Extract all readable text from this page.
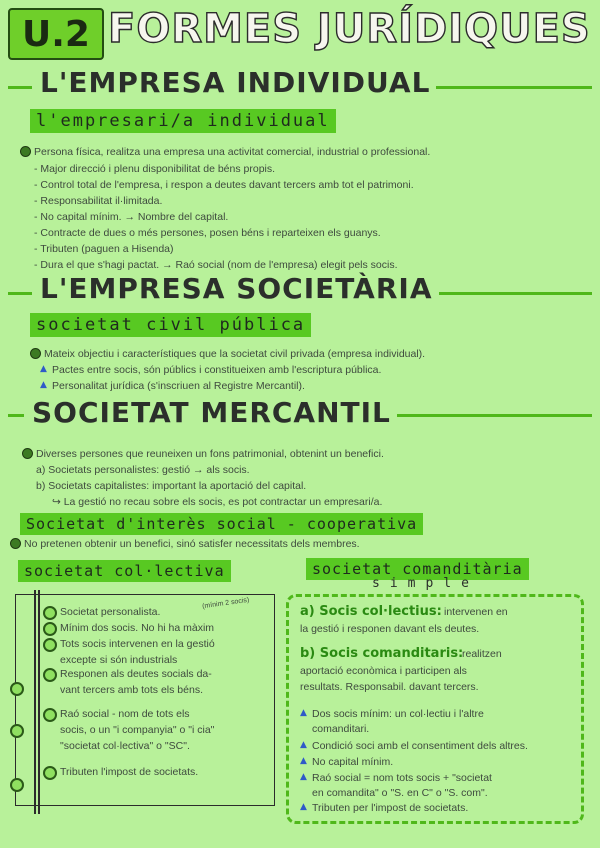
U.2 FORMES JURÍDIQUES
L'EMPRESA INDIVIDUAL
l'empresari/a individual
Persona física, realitza una empresa una activitat comercial, industrial o professional.
- Major direcció i plenu disponibilitat de béns propis.
- Control total de l'empresa, i respon a deutes davant tercers amb tot el patrimoni.
- Responsabilitat il·limitada.
- No capital mínim. → Nombre del capital.
- Contracte de dues o més persones, posen béns i reparteixen els guanys.
- Tributen (paguen a Hisenda)
- Dura el que s'hagi pactat. → Raó social (nom de l'empresa) elegit pels socis.
L'EMPRESA SOCIETÀRIA
societat civil pública
Mateix objectiu i característiques que la societat civil privada (empresa individual).
▲ Pactes entre socis, són públics i constitueixen amb l'escriptura pública.
▲ Personalitat jurídica (s'inscriuen al Registre Mercantil).
SOCIETAT MERCANTIL
Diverses persones que reuneixen un fons patrimonial, obtenint un benefici.
a) Societats personalistes: gestió → als socis.
b) Societats capitalistes: important la aportació del capital.
↪ La gestió no recau sobre els socis, es pot contractar un empresari/a.
Societat d'interès social - cooperativa
No pretenen obtenir un benefici, sinó satisfer necessitats dels membres.
societat col·lectiva	societat comanditària
simple
Societat personalista.
(mínim 2 socis)
Mínim dos socis. No hi ha màxim
Tots socis intervenen en la gestió
excepte si són industrials
Responen als deutes socials da-
vant tercers amb tots els béns.
Raó social - nom de tots els
socis, o un "i companyia" o "i cia"
"societat col·lectiva" o "SC".
Tributen l'impost de societats.
a) Socis col·lectius: intervenen en
la gestió i responen davant els deutes.
b) Socis comanditaris:
realitzen
aportació econòmica i participen als
resultats. Responsabil. davant tercers.
▲ Dos socis mínim: un col·lectiu i l'altre
comanditari.
▲ Condició soci amb el consentiment dels altres.
▲ No capital mínim.
▲ Raó social = nom tots socis + "societat
en comandita" o "S. en C" o "S. com".
▲ Tributen per l'impost de societats.
